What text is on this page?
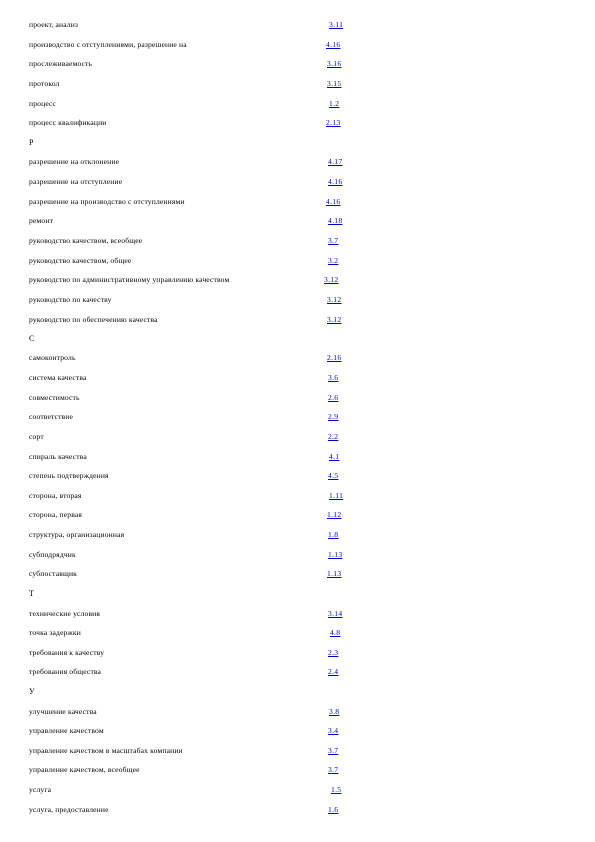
проект, анализ	3.11
производство с отступлениями, разрешение на	4.16
прослеживаемость	3.16
протокол	3.15
процесс	1.2
процесс квалификации	2.13
Р
разрешение на отклонение	4.17
разрешение на отступление	4.16
разрешение на производство с отступлениями	4.16
ремонт	4.18
руководство качеством, всеобщее	3.7
руководство качеством, общее	3.2
руководство по административному управлению качеством	3.12
руководство по качеству	3.12
руководство по обеспечению качества	3.12
С
самоконтроль	2.16
система качества	3.6
совместимость	2.6
соответствие	2.9
сорт	2.2
спираль качества	4.1
степень подтверждения	4.5
сторона, вторая	1.11
сторона, первая	1.12
структура, организационная	1.8
субподрядчик	1.13
субпоставщик	1.13
Т
технические условия	3.14
точка задержки	4.8
требования к качеству	2.3
требования общества	2.4
У
улучшение качества	3.8
управление качеством	3.4
управление качеством в масштабах компании	3.7
управление качеством, всеобщее	3.7
услуга	1.5
услуга, предоставление	1.6
